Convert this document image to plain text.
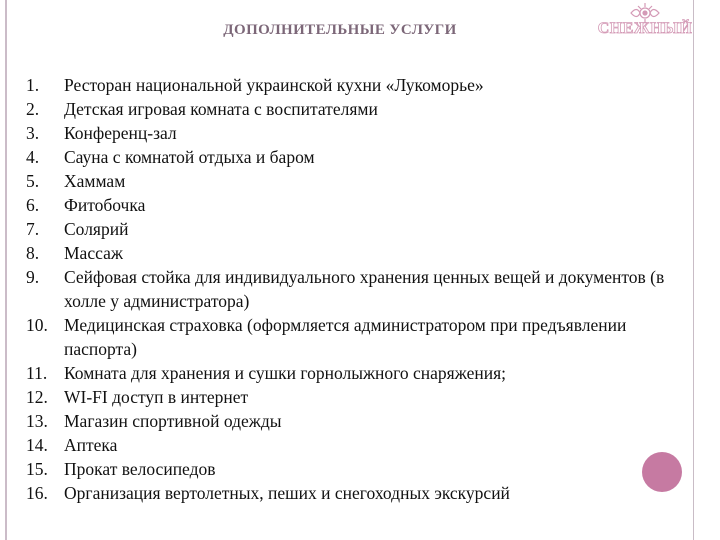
ДОПОЛНИТЕЛЬНЫЕ УСЛУГИ	СНЕЖНЫЙ
1. Ресторан национальной украинской кухни «Лукоморье»
2. Детская игровая комната с воспитателями
3. Конференц-зал
4. Сауна с комнатой отдыха и баром
5. Хаммам
6. Фитобочка
7. Солярий
8. Массаж
9. Сейфовая стойка для индивидуального хранения ценных вещей и документов (в холле у администратора)
10. Медицинская страховка (оформляется администратором при предъявлении паспорта)
11. Комната для хранения и сушки горнолыжного снаряжения;
12. WI-FI доступ в интернет
13. Магазин спортивной одежды
14. Аптека
15. Прокат велосипедов
16. Организация вертолетных, пеших и снегоходных экскурсий
